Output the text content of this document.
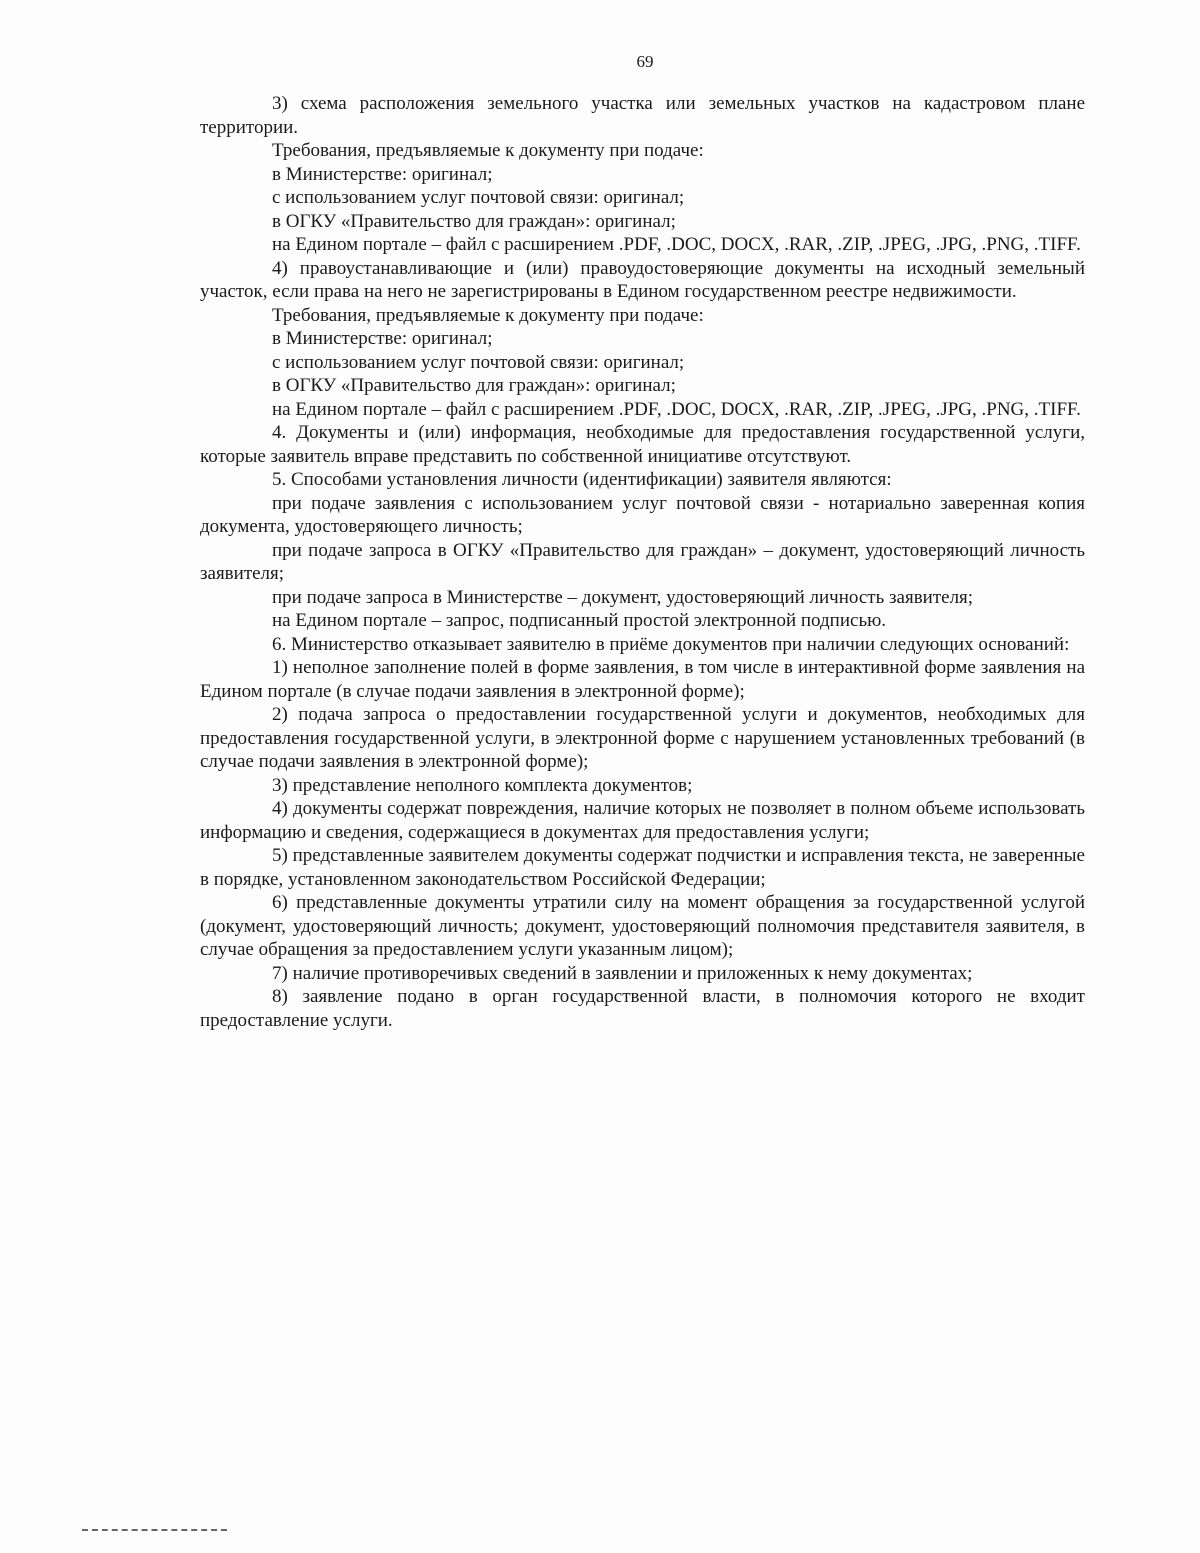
69

3) схема расположения земельного участка или земельных участков на кадастровом плане территории.

Требования, предъявляемые к документу при подаче:

в Министерстве: оригинал;

с использованием услуг почтовой связи: оригинал;

в ОГКУ «Правительство для граждан»: оригинал;

на Едином портале – файл с расширением .PDF, .DOC, DOCX, .RAR, .ZIP, .JPEG, .JPG, .PNG, .TIFF.

4) правоустанавливающие и (или) правоудостоверяющие документы на исходный земельный участок, если права на него не зарегистрированы в Едином государственном реестре недвижимости.

Требования, предъявляемые к документу при подаче:

в Министерстве: оригинал;

с использованием услуг почтовой связи: оригинал;

в ОГКУ «Правительство для граждан»: оригинал;

на Едином портале – файл с расширением .PDF, .DOC, DOCX, .RAR, .ZIP, .JPEG, .JPG, .PNG, .TIFF.

4. Документы и (или) информация, необходимые для предоставления государственной услуги, которые заявитель вправе представить по собственной инициативе отсутствуют.

5. Способами установления личности (идентификации) заявителя являются:

при подаче заявления с использованием услуг почтовой связи - нотариально заверенная копия документа, удостоверяющего личность;

при подаче запроса в ОГКУ «Правительство для граждан» – документ, удостоверяющий личность заявителя;

при подаче запроса в Министерстве – документ, удостоверяющий личность заявителя;

на Едином портале – запрос, подписанный простой электронной подписью.

6. Министерство отказывает заявителю в приёме документов при наличии следующих оснований:

1) неполное заполнение полей в форме заявления, в том числе в интерактивной форме заявления на Едином портале (в случае подачи заявления в электронной форме);

2) подача запроса о предоставлении государственной услуги и документов, необходимых для предоставления государственной услуги, в электронной форме с нарушением установленных требований (в случае подачи заявления в электронной форме);

3) представление неполного комплекта документов;

4) документы содержат повреждения, наличие которых не позволяет в полном объеме использовать информацию и сведения, содержащиеся в документах для предоставления услуги;

5) представленные заявителем документы содержат подчистки и исправления текста, не заверенные в порядке, установленном законодательством Российской Федерации;

6) представленные документы утратили силу на момент обращения за государственной услугой (документ, удостоверяющий личность; документ, удостоверяющий полномочия представителя заявителя, в случае обращения за предоставлением услуги указанным лицом);

7) наличие противоречивых сведений в заявлении и приложенных к нему документах;

8) заявление подано в орган государственной власти, в полномочия которого не входит предоставление услуги.
